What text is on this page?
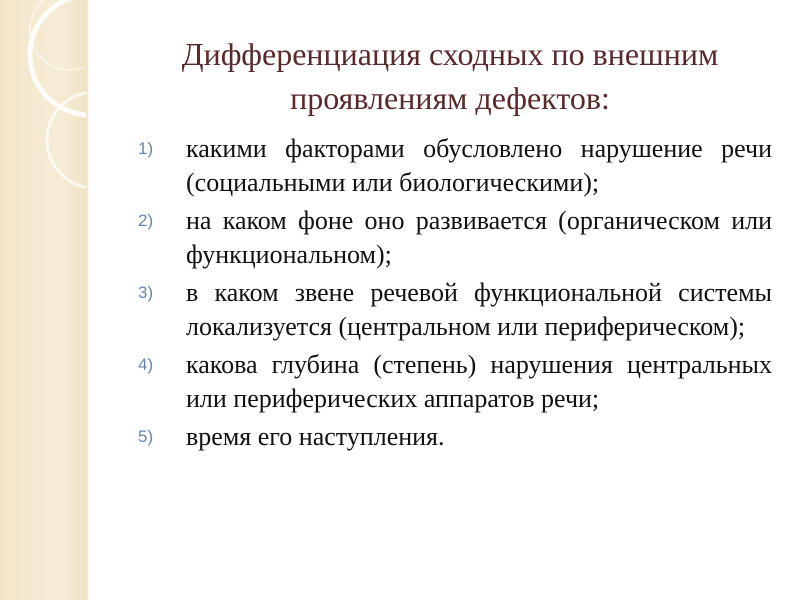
Дифференциация сходных по внешним проявлениям дефектов:
1) какими факторами обусловлено нарушение речи (социальными или биологическими);
2) на каком фоне оно развивается (органическом или функциональном);
3) в каком звене речевой функциональной системы локализуется (центральном или периферическом);
4) какова глубина (степень) нарушения центральных или периферических аппаратов речи;
5) время его наступления.
